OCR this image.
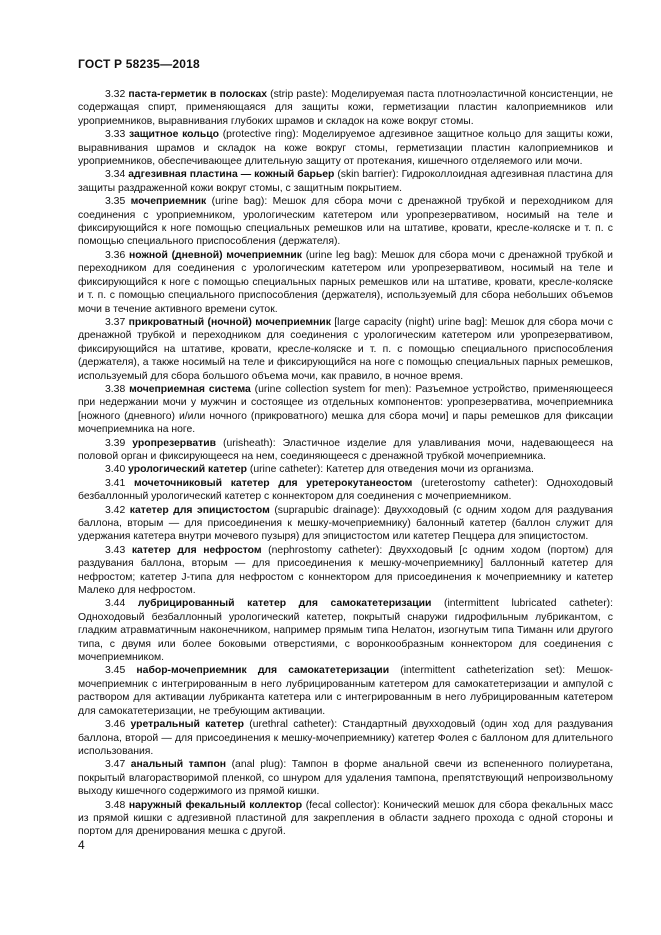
ГОСТ Р 58235—2018

3.32 паста-герметик в полосках (strip paste): Моделируемая паста плотноэластичной консистенции, не содержащая спирт, применяющаяся для защиты кожи, герметизации пластин калоприемников или уроприемников, выравнивания глубоких шрамов и складок на коже вокруг стомы.

3.33 защитное кольцо (protective ring): Моделируемое адгезивное защитное кольцо для защиты кожи, выравнивания шрамов и складок на коже вокруг стомы, герметизации пластин калоприемников и уроприемников, обеспечивающее длительную защиту от протекания, кишечного отделяемого или мочи.

3.34 адгезивная пластина — кожный барьер (skin barrier): Гидроколлоидная адгезивная пластина для защиты раздраженной кожи вокруг стомы, с защитным покрытием.

3.35 мочеприемник (urine bag): Мешок для сбора мочи с дренажной трубкой и переходником для соединения с уроприемником, урологическим катетером или уропрезервативом, носимый на теле и фиксирующийся к ноге помощью специальных ремешков или на штативе, кровати, кресле-коляске и т. п. с помощью специального приспособления (держателя).

3.36 ножной (дневной) мочеприемник (urine leg bag): Мешок для сбора мочи с дренажной трубкой и переходником для соединения с урологическим катетером или уропрезервативом, носимый на теле и фиксирующийся к ноге с помощью специальных парных ремешков или на штативе, кровати, кресле-коляске и т. п. с помощью специального приспособления (держателя), используемый для сбора небольших объемов мочи в течение активного времени суток.

3.37 прикроватный (ночной) мочеприемник [large capacity (night) urine bag]: Мешок для сбора мочи с дренажной трубкой и переходником для соединения с урологическим катетером или уропрезервативом, фиксирующийся на штативе, кровати, кресле-коляске и т. п. с помощью специального приспособления (держателя), а также носимый на теле и фиксирующийся на ноге с помощью специальных парных ремешков, используемый для сбора большого объема мочи, как правило, в ночное время.

3.38 мочеприемная система (urine collection system for men): Разъемное устройство, применяющееся при недержании мочи у мужчин и состоящее из отдельных компонентов: уропрезерватива, мочеприемника [ножного (дневного) и/или ночного (прикроватного) мешка для сбора мочи] и пары ремешков для фиксации мочеприемника на ноге.

3.39 уропрезерватив (urisheath): Эластичное изделие для улавливания мочи, надевающееся на половой орган и фиксирующееся на нем, соединяющееся с дренажной трубкой мочеприемника.

3.40 урологический катетер (urine catheter): Катетер для отведения мочи из организма.

3.41 мочеточниковый катетер для уретерокутанеостом (ureterostomy catheter): Одноходовый безбаллонный урологический катетер с коннектором для соединения с мочеприемником.

3.42 катетер для эпицистостом (suprapubic drainage): Двухходовый (с одним ходом для раздувания баллона, вторым — для присоединения к мешку-мочеприемнику) балонный катетер (баллон служит для удержания катетера внутри мочевого пузыря) для эпицистостом или катетер Пеццера для эпицистостом.

3.43 катетер для нефростом (nephrostomy catheter): Двухходовый [с одним ходом (портом) для раздувания баллона, вторым — для присоединения к мешку-мочеприемнику] баллонный катетер для нефростом; катетер J-типа для нефростом с коннектором для присоединения к мочеприемнику и катетер Малеко для нефростом.

3.44 лубрицированный катетер для самокатетеризации (intermittent lubricated catheter): Одноходовый безбаллонный урологический катетер, покрытый снаружи гидрофильным лубрикантом, с гладким атравматичным наконечником, например прямым типа Нелатон, изогнутым типа Тиманн или другого типа, с двумя или более боковыми отверстиями, с воронкообразным коннектором для соединения с мочеприемником.

3.45 набор-мочеприемник для самокатетеризации (intermittent catheterization set): Мешок-мочеприемник с интегрированным в него лубрицированным катетером для самокатетеризации и ампулой с раствором для активации лубриканта катетера или с интегрированным в него лубрицированным катетером для самокатетеризации, не требующим активации.

3.46 уретральный катетер (urethral catheter): Стандартный двухходовый (один ход для раздувания баллона, второй — для присоединения к мешку-мочеприемнику) катетер Фолея с баллоном для длительного использования.

3.47 анальный тампон (anal plug): Тампон в форме анальной свечи из вспененного полиуретана, покрытый влагорастворимой пленкой, со шнуром для удаления тампона, препятствующий непроизвольному выходу кишечного содержимого из прямой кишки.

3.48 наружный фекальный коллектор (fecal collector): Конический мешок для сбора фекальных масс из прямой кишки с адгезивной пластиной для закрепления в области заднего прохода с одной стороны и портом для дренирования мешка с другой.

4
